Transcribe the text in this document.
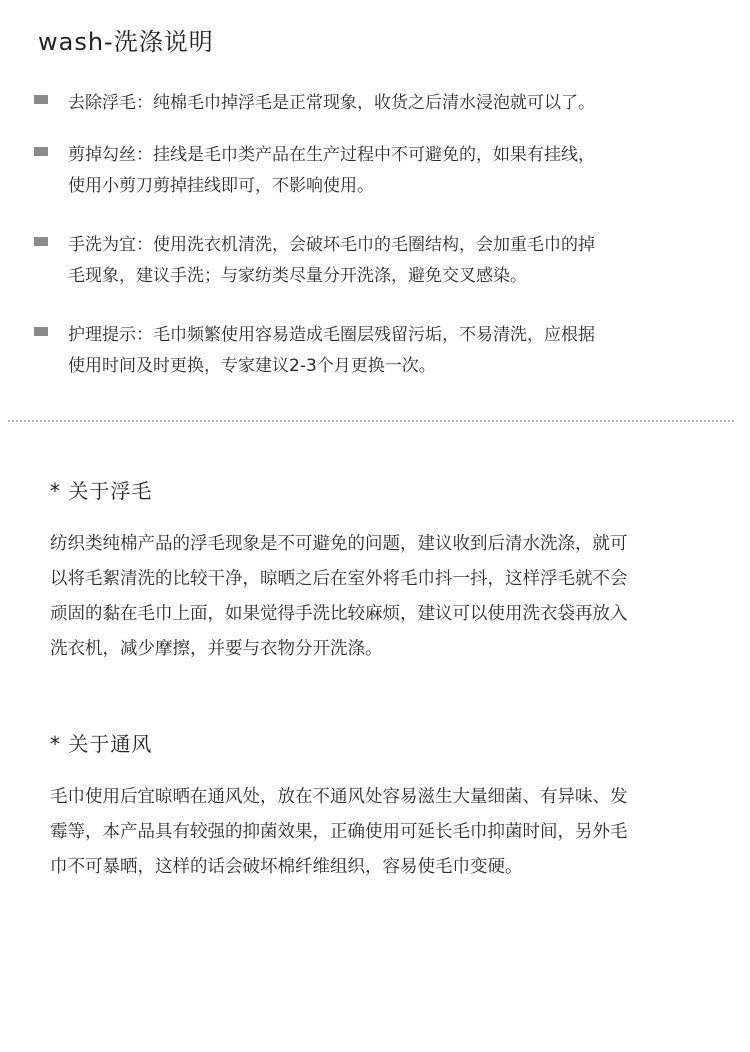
wash-洗涤说明
去除浮毛：纯棉毛巾掉浮毛是正常现象，收货之后清水浸泡就可以了。
剪掉勾丝：挂线是毛巾类产品在生产过程中不可避免的，如果有挂线，
使用小剪刀剪掉挂线即可，不影响使用。
手洗为宜：使用洗衣机清洗，会破坏毛巾的毛圈结构，会加重毛巾的掉
毛现象，建议手洗；与家纺类尽量分开洗涤，避免交叉感染。
护理提示：毛巾频繁使用容易造成毛圈层残留污垢，不易清洗，应根据
使用时间及时更换，专家建议2-3个月更换一次。
* 关于浮毛
纺织类纯棉产品的浮毛现象是不可避免的问题，建议收到后清水洗涤，就可
以将毛絮清洗的比较干净，晾晒之后在室外将毛巾抖一抖，这样浮毛就不会
顽固的黏在毛巾上面，如果觉得手洗比较麻烦，建议可以使用洗衣袋再放入
洗衣机，减少摩擦，并要与衣物分开洗涤。
* 关于通风
毛巾使用后宜晾晒在通风处，放在不通风处容易滋生大量细菌、有异味、发
霉等，本产品具有较强的抑菌效果，正确使用可延长毛巾抑菌时间，另外毛
巾不可暴晒，这样的话会破坏棉纤维组织，容易使毛巾变硬。
